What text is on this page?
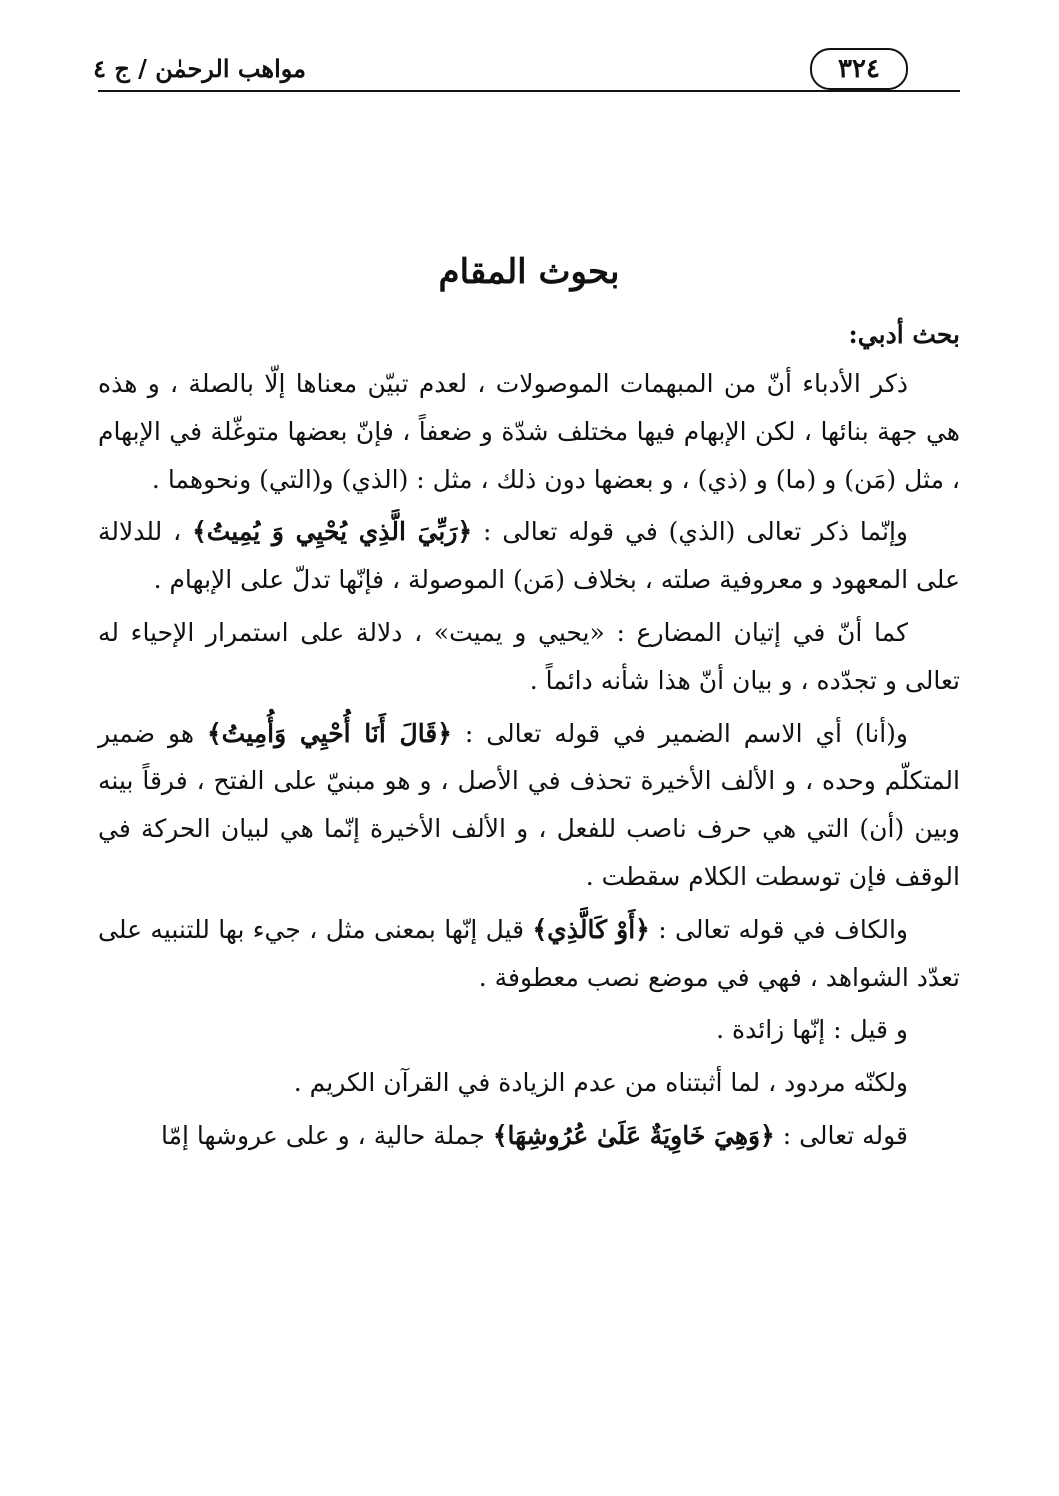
مواهب الرحمٰن / ج ٤	٣٢٤
بحوث المقام
بحث أدبي:

ذكر الأدباء أنّ من المبهمات الموصولات ، لعدم تبيّن معناها إلّا بالصلة ، و هذه هي جهة بنائها ، لكن الإبهام فيها مختلف شدّة و ضعفاً ، فإنّ بعضها متوغّلة في الإبهام ، مثل (مَن) و (ما) و (ذي) ، و بعضها دون ذلك ، مثل : (الذي) و(التي) ونحوهما .

وإنّما ذكر تعالى (الذي) في قوله تعالى : ﴿رَبِّيَ الَّذِي يُحْيِي وَ يُمِيتُ﴾ ، للدلالة على المعهود و معروفية صلته ، بخلاف (مَن) الموصولة ، فإنّها تدلّ على الإبهام .

كما أنّ في إتيان المضارع : «يحيي و يميت» ، دلالة على استمرار الإحياء له تعالى و تجدّده ، و بيان أنّ هذا شأنه دائماً .

و(أنا) أي الاسم الضمير في قوله تعالى : ﴿قَالَ أَنَا أُحْيِي وَأُمِيتُ﴾ هو ضمير المتكلّم وحده ، و الألف الأخيرة تحذف في الأصل ، و هو مبنيّ على الفتح ، فرقاً بينه وبين (أن) التي هي حرف ناصب للفعل ، و الألف الأخيرة إنّما هي لبيان الحركة في الوقف فإن توسطت الكلام سقطت .

والكاف في قوله تعالى : ﴿أَوْ كَالَّذِي﴾ قيل إنّها بمعنى مثل ، جيء بها للتنبيه على تعدّد الشواهد ، فهي في موضع نصب معطوفة .

و قيل : إنّها زائدة .

ولكنّه مردود ، لما أثبتناه من عدم الزيادة في القرآن الكريم .

قوله تعالى : ﴿وَهِيَ خَاوِيَةٌ عَلَىٰ عُرُوشِهَا﴾ جملة حالية ، و على عروشها إمّا
